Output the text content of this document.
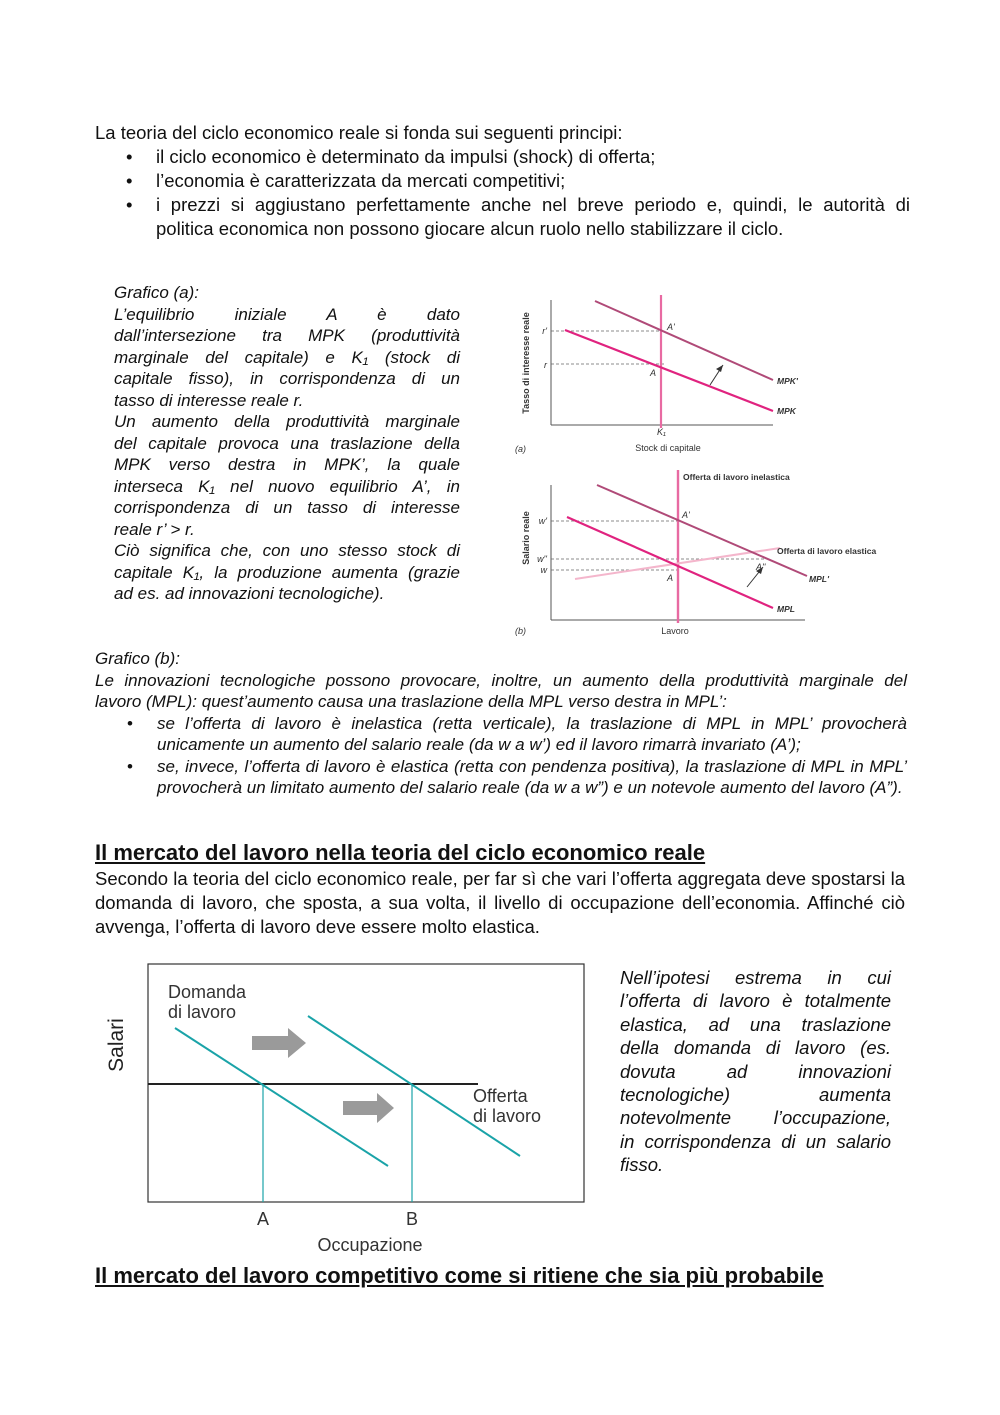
La teoria del ciclo economico reale si fonda sui seguenti principi:
• il ciclo economico è determinato da impulsi (shock) di offerta;
• l’economia è caratterizzata da mercati competitivi;
• i prezzi si aggiustano perfettamente anche nel breve periodo e, quindi, le autorità di
politica economica non possono giocare alcun ruolo nello stabilizzare il ciclo.
Grafico (a):
L’equilibrio iniziale A è dato
dall’intersezione tra MPK (produttività
marginale del capitale) e K₁ (stock di
capitale fisso), in corrispondenza di un
tasso di interesse reale r.
Un aumento della produttività marginale
del capitale provoca una traslazione della
MPK verso destra in MPK’, la quale
interseca K₁ nel nuovo equilibrio A’, in
corrispondenza di un tasso di interesse
reale r’ > r.
Ciò significa che, con uno stesso stock di
capitale K₁, la produzione aumenta (grazie
ad es. ad innovazioni tecnologiche).
Tasso di interesse reale r'
r
A'
A
MPK'
MPK
K₁
(a)	Stock di capitale
Salario reale w'
w''
w
Offerta di lavoro inelastica
Offerta di lavoro elastica
A'
A''
A	MPL'
MPL
(b)	Lavoro
Grafico (b):
Le innovazioni tecnologiche possono provocare, inoltre, un aumento della produttività marginale del
lavoro (MPL): quest’aumento causa una traslazione della MPL verso destra in MPL’:
• se l’offerta di lavoro è inelastica (retta verticale), la traslazione di MPL in MPL’ provocherà unicamente un aumento del salario reale (da w a w’) ed il lavoro rimarrà invariato (A’);
• se, invece, l’offerta di lavoro è elastica (retta con pendenza positiva), la traslazione di MPL in MPL’ provocherà un limitato aumento del salario reale (da w a w”) e un notevole aumento del lavoro (A”).
Il mercato del lavoro nella teoria del ciclo economico reale
Secondo la teoria del ciclo economico reale, per far sì che vari l’offerta aggregata deve spostarsi la domanda di lavoro, che sposta, a sua volta, il livello di occupazione dell’economia. Affinché ciò avvenga, l’offerta di lavoro deve essere molto elastica.
Salari
Domanda
di lavoro
Offerta
di lavoro
A	B
Occupazione
Nell’ipotesi estrema in cui
l’offerta di lavoro è totalmente
elastica, ad una traslazione
della domanda di lavoro (es.
dovuta ad innovazioni
tecnologiche) aumenta
notevolmente l’occupazione,
in corrispondenza di un salario
fisso.
Il mercato del lavoro competitivo come si ritiene che sia più probabile
